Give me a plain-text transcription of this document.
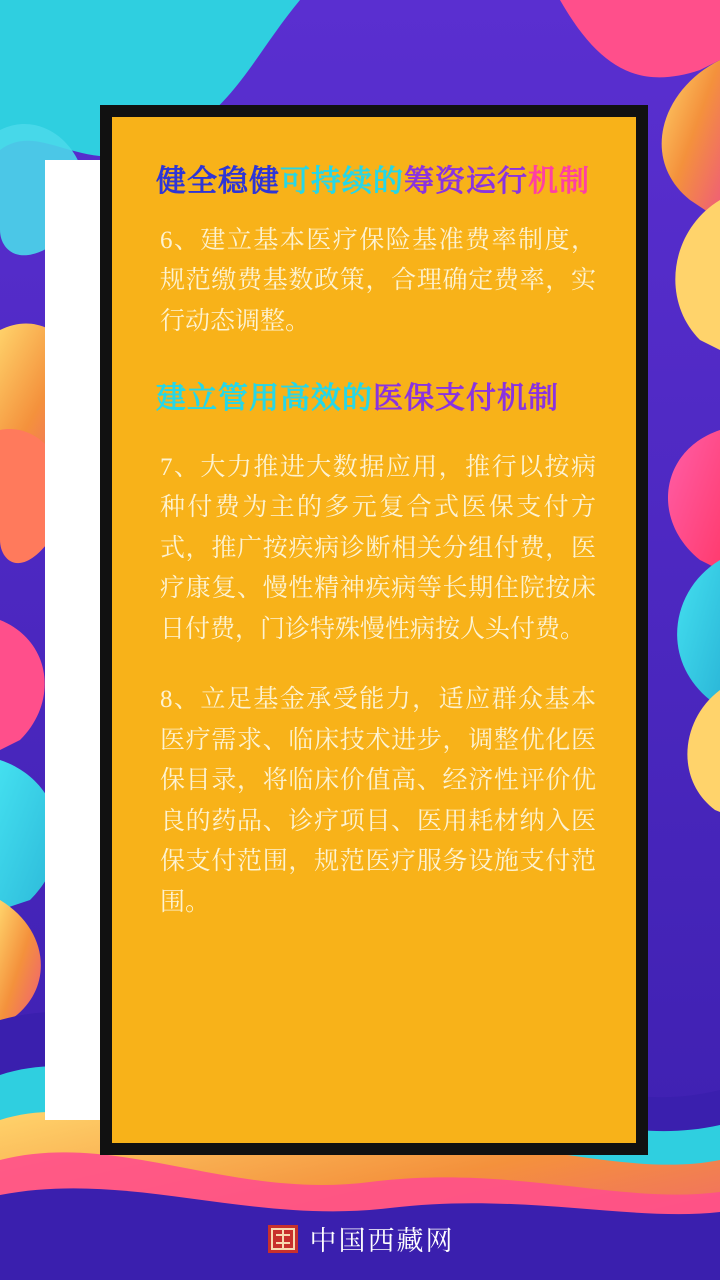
健全稳健可持续的筹资运行机制

6、建立基本医疗保险基准费率制度，规范缴费基数政策，合理确定费率，实行动态调整。

建立管用高效的医保支付机制

7、大力推进大数据应用，推行以按病种付费为主的多元复合式医保支付方式，推广按疾病诊断相关分组付费，医疗康复、慢性精神疾病等长期住院按床日付费，门诊特殊慢性病按人头付费。

8、立足基金承受能力，适应群众基本医疗需求、临床技术进步，调整优化医保目录，将临床价值高、经济性评价优良的药品、诊疗项目、医用耗材纳入医保支付范围，规范医疗服务设施支付范围。

中国西藏网
